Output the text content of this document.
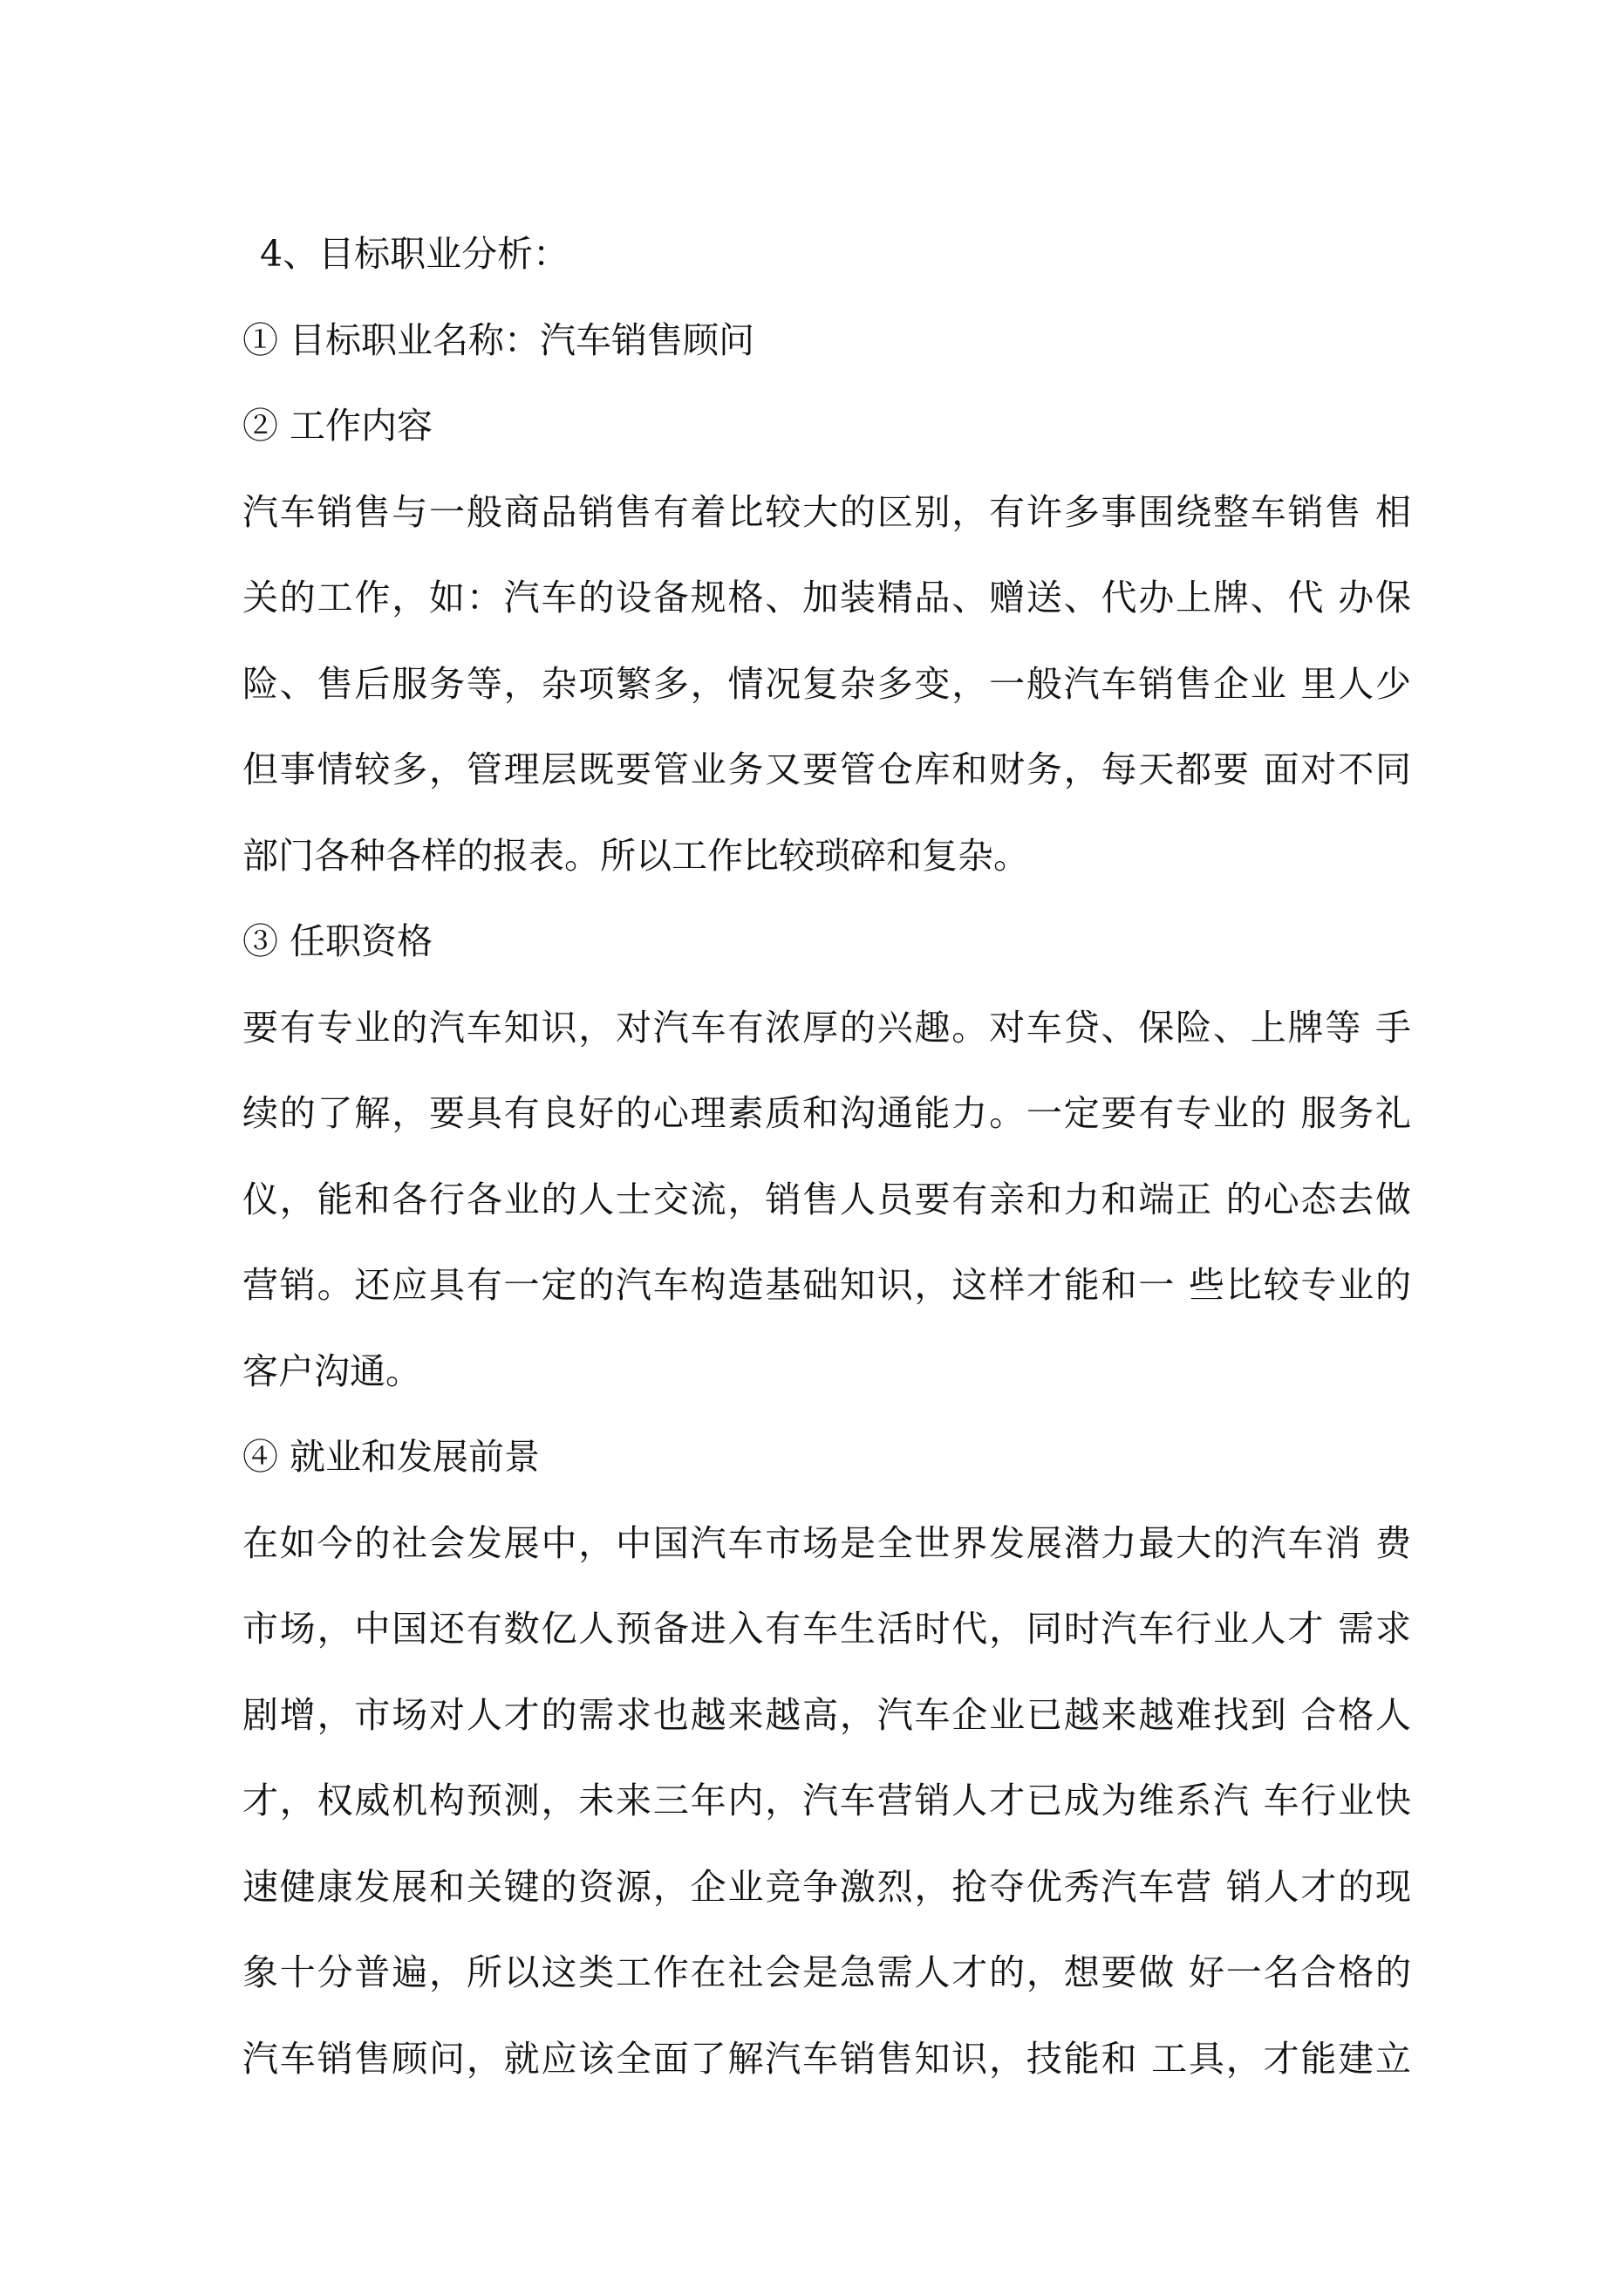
4、目标职业分析：
① 目标职业名称：汽车销售顾问
② 工作内容
汽车销售与一般商品销售有着比较大的区别，有许多事围绕整车销售 相
关的工作，如：汽车的设备规格、加装精品、赠送、代办上牌、代 办保
险、售后服务等，杂项繁多，情况复杂多变，一般汽车销售企业 里人少
但事情较多，管理层既要管业务又要管仓库和财务，每天都要 面对不同
部门各种各样的报表。所以工作比较琐碎和复杂。
③ 任职资格
要有专业的汽车知识，对汽车有浓厚的兴趣。对车贷、保险、上牌等 手
续的了解，要具有良好的心理素质和沟通能力。一定要有专业的 服务礼
仪，能和各行各业的人士交流，销售人员要有亲和力和端正 的心态去做
营销。还应具有一定的汽车构造基础知识，这样才能和一 些比较专业的
客户沟通。
④ 就业和发展前景
在如今的社会发展中，中国汽车市场是全世界发展潜力最大的汽车消 费
市场，中国还有数亿人预备进入有车生活时代，同时汽车行业人才 需求
剧增，市场对人才的需求也越来越高，汽车企业已越来越难找到 合格人
才，权威机构预测，未来三年内，汽车营销人才已成为维系汽 车行业快
速健康发展和关键的资源，企业竞争激烈，抢夺优秀汽车营 销人才的现
象十分普遍，所以这类工作在社会是急需人才的，想要做 好一名合格的
汽车销售顾问，就应该全面了解汽车销售知识，技能和 工具，才能建立
